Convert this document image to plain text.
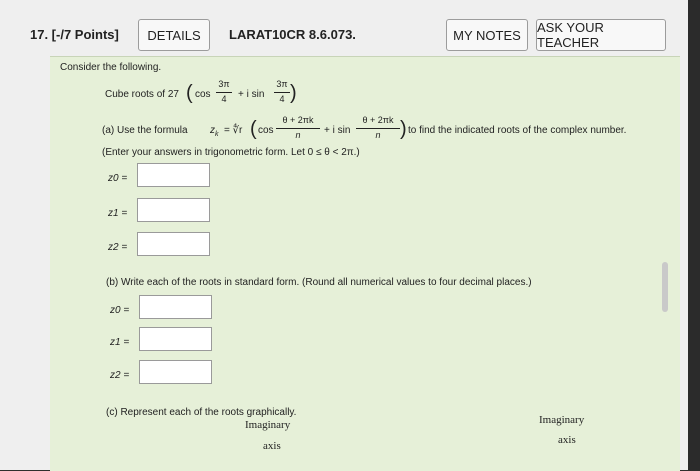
17. [-/7 Points]	DETAILS	LARAT10CR 8.6.073.	MY NOTES	ASK YOUR TEACHER
Consider the following.
Cube roots of 27 ( cos
3π
4	+ i sin
3π
4 )
(a) Use the formula $z_k$ = ∜r ( cos
θ + 2πk
n	+ i sin
θ + 2πk
n ) to find the indicated roots of the complex number.
(Enter your answers in trigonometric form. Let 0 ≤ θ < 2π.)
z0 =
z1 =
z2 =
(b) Write each of the roots in standard form. (Round all numerical values to four decimal places.)
z0 =
z1 =
z2 =
(c) Represent each of the roots graphically.
Imaginary
axis
Imaginary
axis
